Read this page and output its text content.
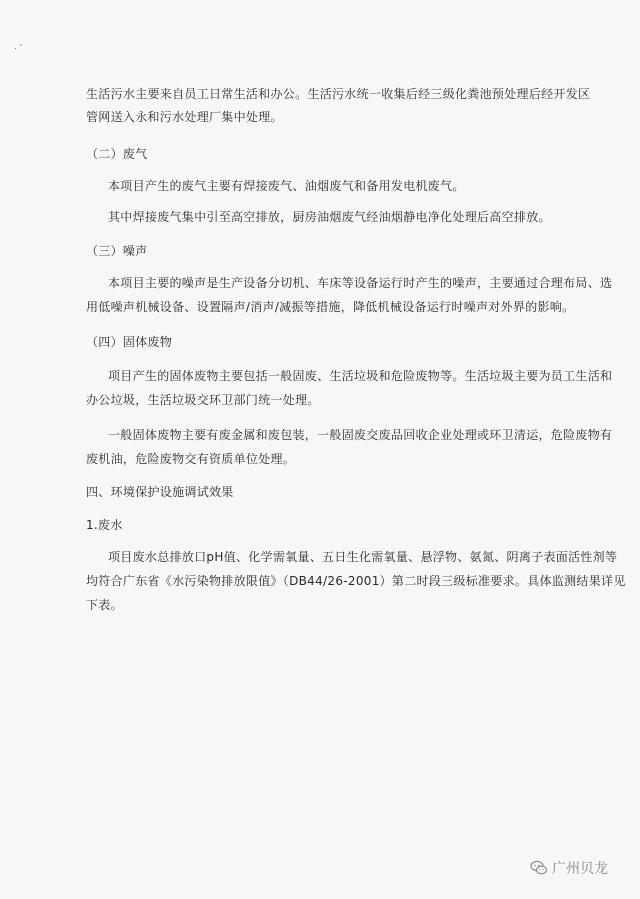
·ˊ
生活污水主要来自员工日常生活和办公。生活污水统一收集后经三级化粪池预处理后经开发区
管网送入永和污水处理厂集中处理。
（二）废气
本项目产生的废气主要有焊接废气、油烟废气和备用发电机废气。
其中焊接废气集中引至高空排放，厨房油烟废气经油烟静电净化处理后高空排放。
（三）噪声
本项目主要的噪声是生产设备分切机、车床等设备运行时产生的噪声，主要通过合理布局、选
用低噪声机械设备、设置隔声/消声/减振等措施，降低机械设备运行时噪声对外界的影响。
（四）固体废物
项目产生的固体废物主要包括一般固废、生活垃圾和危险废物等。生活垃圾主要为员工生活和
办公垃圾，生活垃圾交环卫部门统一处理。
一般固体废物主要有废金属和废包装，一般固废交废品回收企业处理或环卫清运，危险废物有
废机油，危险废物交有资质单位处理。
四、环境保护设施调试效果
1.废水
项目废水总排放口pH值、化学需氧量、五日生化需氧量、悬浮物、氨氮、阴离子表面活性剂等
均符合广东省《水污染物排放限值》（DB44/26-2001）第二时段三级标准要求。具体监测结果详见
下表。
广州贝龙
